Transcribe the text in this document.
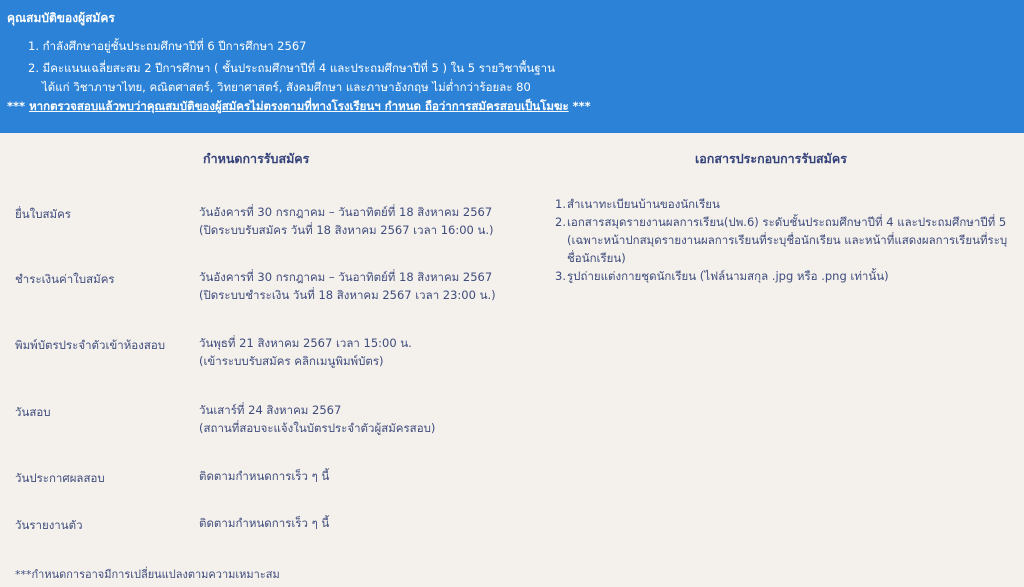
คุณสมบัติของผู้สมัคร
1. กำลังศึกษาอยู่ชั้นประถมศึกษาปีที่ 6 ปีการศึกษา 2567
2. มีคะแนนเฉลี่ยสะสม 2 ปีการศึกษา ( ชั้นประถมศึกษาปีที่ 4 และประถมศึกษาปีที่ 5 ) ใน 5 รายวิชาพื้นฐาน
ได้แก่ วิชาภาษาไทย, คณิตศาสตร์, วิทยาศาสตร์, สังคมศึกษา และภาษาอังกฤษ ไม่ต่ำกว่าร้อยละ 80
*** หากตรวจสอบแล้วพบว่าคุณสมบัติของผู้สมัครไม่ตรงตามที่ทางโรงเรียนฯ กำหนด ถือว่าการสมัครสอบเป็นโมฆะ ***
กำหนดการรับสมัคร	เอกสารประกอบการรับสมัคร
ยื่นใบสมัคร	วันอังคารที่ 30 กรกฎาคม – วันอาทิตย์ที่ 18 สิงหาคม 2567
(ปิดระบบรับสมัคร วันที่ 18 สิงหาคม 2567 เวลา 16:00 น.)
ชำระเงินค่าใบสมัคร	วันอังคารที่ 30 กรกฎาคม – วันอาทิตย์ที่ 18 สิงหาคม 2567
(ปิดระบบชำระเงิน วันที่ 18 สิงหาคม 2567 เวลา 23:00 น.)
พิมพ์บัตรประจำตัวเข้าห้องสอบ	วันพุธที่ 21 สิงหาคม 2567 เวลา 15:00 น.
(เข้าระบบรับสมัคร คลิกเมนูพิมพ์บัตร)
วันสอบ	วันเสาร์ที่ 24 สิงหาคม 2567
(สถานที่สอบจะแจ้งในบัตรประจำตัวผู้สมัครสอบ)
วันประกาศผลสอบ	ติดตามกำหนดการเร็ว ๆ นี้
วันรายงานตัว	ติดตามกำหนดการเร็ว ๆ นี้
***กำหนดการอาจมีการเปลี่ยนแปลงตามความเหมาะสม
1. สำเนาทะเบียนบ้านของนักเรียน
2. เอกสารสมุดรายงานผลการเรียน(ปพ.6) ระดับชั้นประถมศึกษาปีที่ 4 และประถมศึกษาปีที่ 5 (เฉพาะหน้าปกสมุดรายงานผลการเรียนที่ระบุชื่อนักเรียน และหน้าที่แสดงผลการเรียนที่ระบุชื่อนักเรียน)
3. รูปถ่ายแต่งกายชุดนักเรียน (ไฟล์นามสกุล .jpg หรือ .png เท่านั้น)
